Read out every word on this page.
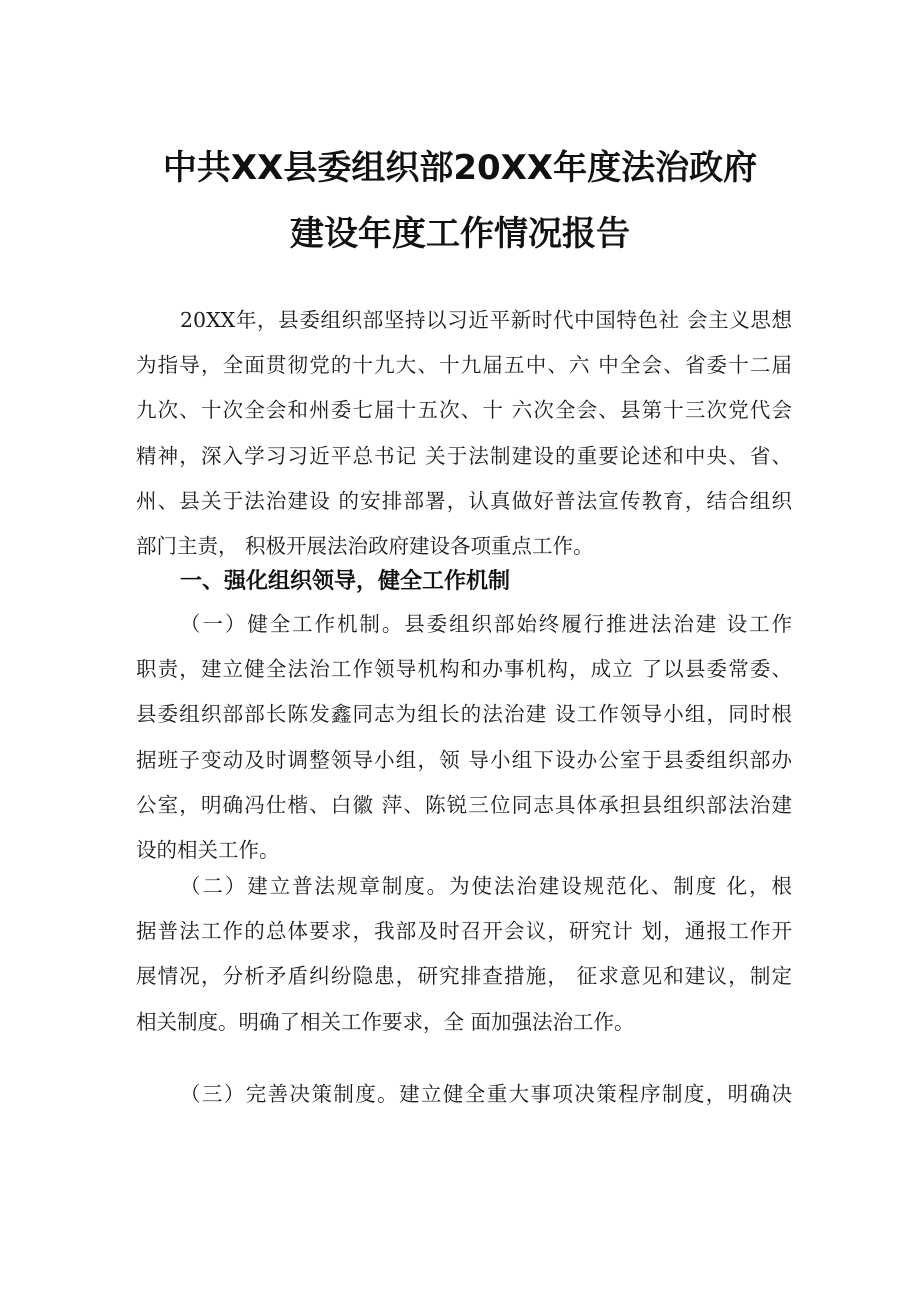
中共XX县委组织部20XX年度法治政府
建设年度工作情况报告
20XX年，县委组织部坚持以习近平新时代中国特色社 会主义思想
为指导，全面贯彻党的十九大、十九届五中、六 中全会、省委十二届
九次、十次全会和州委七届十五次、十 六次全会、县第十三次党代会
精神，深入学习习近平总书记 关于法制建设的重要论述和中央、省、
州、县关于法治建设 的安排部署，认真做好普法宣传教育，结合组织
部门主责， 积极开展法治政府建设各项重点工作。
一、强化组织领导，健全工作机制
（一）健全工作机制。县委组织部始终履行推进法治建 设工作
职责，建立健全法治工作领导机构和办事机构，成立 了以县委常委、
县委组织部部长陈发鑫同志为组长的法治建 设工作领导小组，同时根
据班子变动及时调整领导小组，领 导小组下设办公室于县委组织部办
公室，明确冯仕楷、白徽 萍、陈锐三位同志具体承担县组织部法治建
设的相关工作。
（二）建立普法规章制度。为使法治建设规范化、制度 化，根
据普法工作的总体要求，我部及时召开会议，研究计 划，通报工作开
展情况，分析矛盾纠纷隐患，研究排查措施， 征求意见和建议，制定
相关制度。明确了相关工作要求，全 面加强法治工作。
（三）完善决策制度。建立健全重大事项决策程序制度，明确决
